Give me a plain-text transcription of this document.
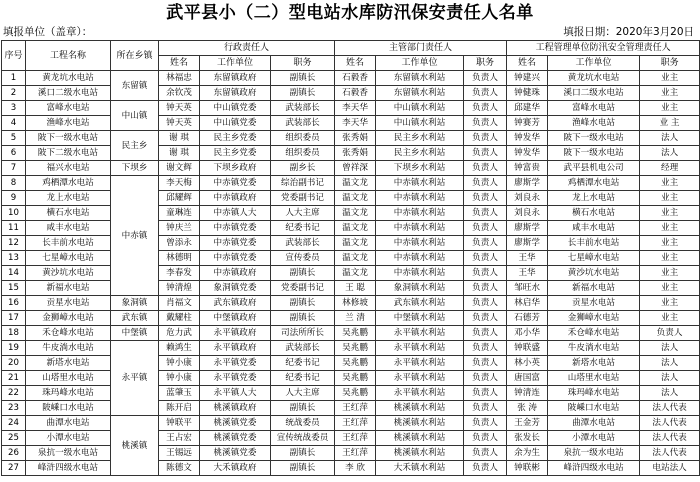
武平县小（二）型电站水库防汛保安责任人名单
填报单位（盖章）：	填报日期：2020年3月20日
序号	工程名称	所在乡镇	行政责任人			主管部门责任人			工程管理单位防汛安全管理责任人		
			姓名	工作单位	职务	姓名	工作单位	职务	姓名	工作单位	职务
1	黄龙坑水电站	东留镇	林福忠	东留镇政府	副镇长	石毅香	东留镇水利站	负责人	钟建兴	黄龙坑水电站	业主
2	溪口二级水电站		余钦茂	东留镇政府	副镇长	石毅香	东留镇水利站	负责人	钟健珠	溪口二级水电站	业主
3	富峰水电站	中山镇	钟天英	中山镇党委	武装部长	李天华	中山镇水利站	负责人	邱建华	富峰水电站	业主
4	渔峰水电站		钟天英	中山镇党委	武装部长	李天华	中山镇水利站	负责人	钟赛芳	渔峰水电站	业 主
5	陂下一级水电站	民主乡	谢 琪	民主乡党委	组织委员	张秀娟	民主乡水利站	负责人	钟发华	陂下一级水电站	法人
6	陂下二级水电站		谢 琪	民主乡党委	组织委员	张秀娟	民主乡水利站	负责人	钟发华	陂下一级水电站	法人
7	福兴水电站	下坝乡	谢文辉	下坝乡政府	副乡长	曾祥深	下坝乡水利站	负责人	钟富贵	武平县机电公司	经理
8	鸡栖潭水电站	中赤镇	李天梅	中赤镇党委	综治副书记	温文龙	中赤镇水利站	负责人	廖斯学	鸡栖潭水电站	业主
9	龙上水电站		邱耀辉	中赤镇政府	党委副书记	温文龙	中赤镇水利站	负责人	刘良永	龙上水电站	业主
10	横石水电站		童琳连	中赤镇人大	人大主席	温文龙	中赤镇水利站	负责人	刘良永	横石水电站	业主
11	咸丰水电站		钟庆兰	中赤镇党委	纪委书记	温文龙	中赤镇水利站	负责人	廖斯学	咸丰水电站	业主
12	长丰前水电站		曾添永	中赤镇党委	武装部长	温文龙	中赤镇水利站	负责人	廖斯学	长丰前水电站	业主
13	七星嶂水电站		林德明	中赤镇党委	宣传委员	温文龙	中赤镇水利站	负责人	王华	七星嶂水电站	业主
14	黄沙坑水电站		李春发	中赤镇政府	副镇长	温文龙	中赤镇水利站	负责人	王华	黄沙坑水电站	业主
15	新福水电站		钟清煌	象洞镇党委	党委副书记	王 聪	象洞镇水利站	负责人	邹旺水	新福水电站	业主
16	贡星水电站	象洞镇	肖福文	武东镇政府	副镇长	林修坡	武东镇水利站	负责人	林启华	贡星水电站	业主
17	金狮嶂水电站	武东镇	戴耀柱	中堡镇政府	副镇长	兰 清	中堡镇水利站	负责人	石德芳	金狮嶂水电站	业主
18	禾仓峰水电站	中堡镇	危力武	永平镇政府	司法所所长	吴兆鹏	永平镇水利站	负责人	邓小华	禾仓峰水电站	负责人
19	牛皮淌水电站	永平镇	赖鸿生	永平镇政府	武装部长	吴兆鹏	永平镇水利站	负责人	钟联盛	牛皮淌水电站	法人
20	新塔水电站		钟小康	永平镇党委	纪委书记	吴兆鹏	永平镇水利站	负责人	林小英	新塔水电站	法人
21	山塔里水电站		钟小康	永平镇党委	纪委书记	吴兆鹏	永平镇水利站	负责人	唐国富	山塔里水电站	法人
22	珠玛峰水电站		蓝肇玉	永平镇人大	人大主席	吴兆鹏	永平镇水利站	负责人	钟清连	珠玛峰水电站	法人
23	陂嵊口水电站		陈开启	桃溪镇政府	副镇长	王红萍	桃溪镇水利站	负责人	张 涛	陂嵊口水电站	法人代表
24	曲潭水电站	桃溪镇	钟联平	桃溪镇党委	统战委员	王红萍	桃溪镇水利站	负责人	王金芳	曲潭水电站	法人代表
25	小潭水电站		王占宏	桃溪镇党委	宣传统战委员	王红萍	桃溪镇水利站	负责人	张发长	小潭水电站	法人代表
26	泉抗一级水电站		王锡远	桃溪镇党委	副镇长	王红萍	桃溪镇水利站	负责人	余为生	泉抗一级水电站	法人代表
27	峰浒四级水电站		陈德文	大禾镇政府	副镇长	李 欣	大禾镇水利站	负责人	钟联彬	峰浒四级水电站	电站法人
